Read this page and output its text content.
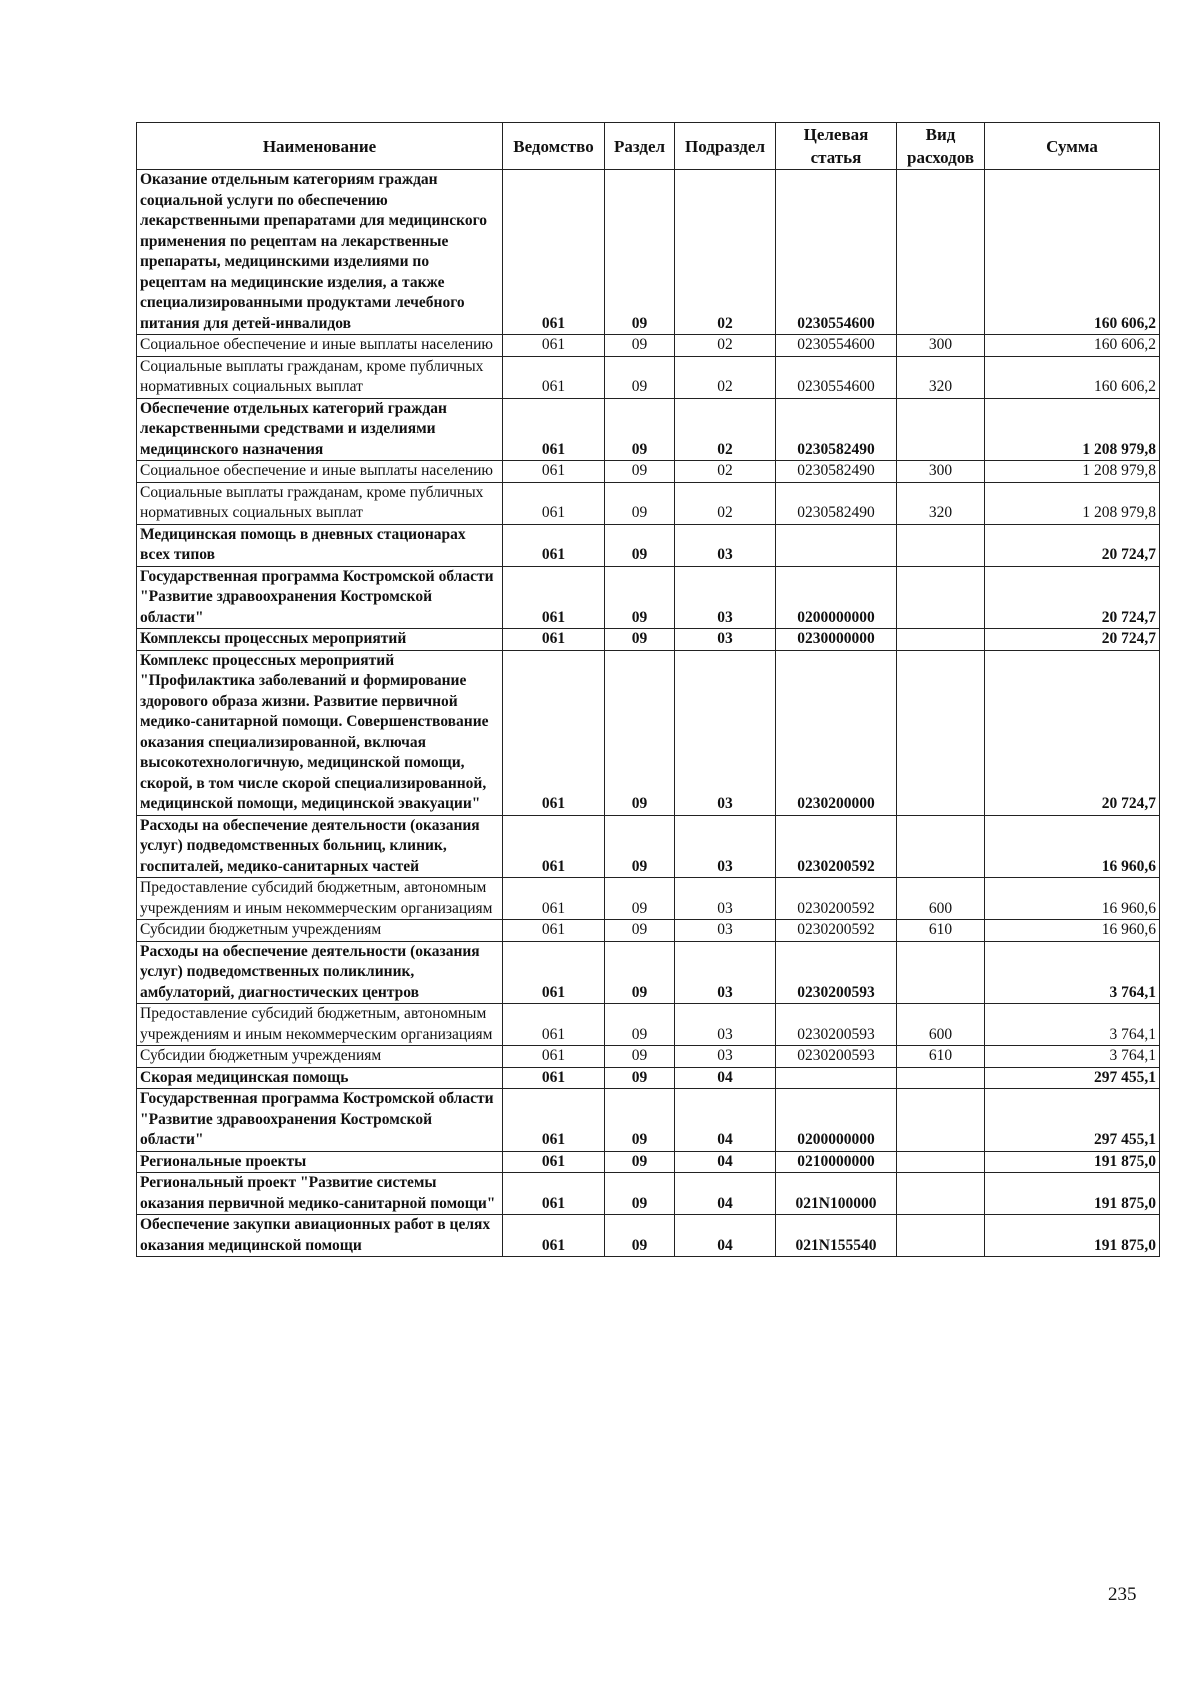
Наименование	Ведомство	Раздел	Подраздел	Целевая статья	Вид расходов	Сумма
Оказание отдельным категориям граждан социальной услуги по обеспечению лекарственными препаратами для медицинского применения по рецептам на лекарственные препараты, медицинскими изделиями по рецептам на медицинские изделия, а также специализированными продуктами лечебного питания для детей-инвалидов	061	09	02	0230554600		160 606,2
Социальное обеспечение и иные выплаты населению	061	09	02	0230554600	300	160 606,2
Социальные выплаты гражданам, кроме публичных нормативных социальных выплат	061	09	02	0230554600	320	160 606,2
Обеспечение отдельных категорий граждан лекарственными средствами и изделиями медицинского назначения	061	09	02	0230582490		1 208 979,8
Социальное обеспечение и иные выплаты населению	061	09	02	0230582490	300	1 208 979,8
Социальные выплаты гражданам, кроме публичных нормативных социальных выплат	061	09	02	0230582490	320	1 208 979,8
Медицинская помощь в дневных стационарах всех типов	061	09	03			20 724,7
Государственная программа Костромской области "Развитие здравоохранения Костромской области"	061	09	03	0200000000		20 724,7
Комплексы процессных мероприятий	061	09	03	0230000000		20 724,7
Комплекс процессных мероприятий "Профилактика заболеваний и формирование здорового образа жизни. Развитие первичной медико-санитарной помощи. Совершенствование оказания специализированной, включая высокотехнологичную, медицинской помощи, скорой, в том числе скорой специализированной, медицинской помощи, медицинской эвакуации"	061	09	03	0230200000		20 724,7
Расходы на обеспечение деятельности (оказания услуг) подведомственных больниц, клиник, госпиталей, медико-санитарных частей	061	09	03	0230200592		16 960,6
Предоставление субсидий бюджетным, автономным учреждениям и иным некоммерческим организациям	061	09	03	0230200592	600	16 960,6
Субсидии бюджетным учреждениям	061	09	03	0230200592	610	16 960,6
Расходы на обеспечение деятельности (оказания услуг) подведомственных поликлиник, амбулаторий, диагностических центров	061	09	03	0230200593		3 764,1
Предоставление субсидий бюджетным, автономным учреждениям и иным некоммерческим организациям	061	09	03	0230200593	600	3 764,1
Субсидии бюджетным учреждениям	061	09	03	0230200593	610	3 764,1
Скорая медицинская помощь	061	09	04			297 455,1
Государственная программа Костромской области "Развитие здравоохранения Костромской области"	061	09	04	0200000000		297 455,1
Региональные проекты	061	09	04	0210000000		191 875,0
Региональный проект "Развитие системы оказания первичной медико-санитарной помощи"	061	09	04	021N100000		191 875,0
Обеспечение закупки авиационных работ в целях оказания медицинской помощи	061	09	04	021N155540		191 875,0
235
